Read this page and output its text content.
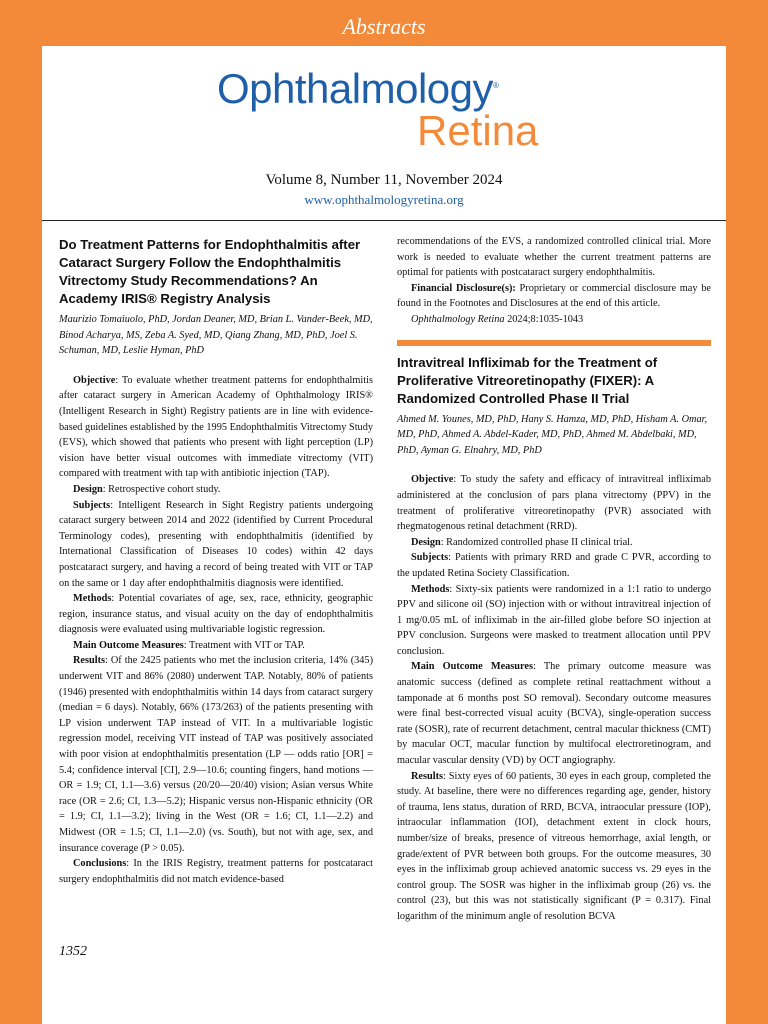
Abstracts
Ophthalmology®
Retina
Volume 8, Number 11, November 2024
www.ophthalmologyretina.org
Do Treatment Patterns for Endophthalmitis after Cataract Surgery Follow the Endophthalmitis Vitrectomy Study Recommendations? An Academy IRIS® Registry Analysis
Maurizio Tomaiuolo, PhD, Jordan Deaner, MD, Brian L. Vander-Beek, MD, Binod Acharya, MS, Zeba A. Syed, MD, Qiang Zhang, MD, PhD, Joel S. Schuman, MD, Leslie Hyman, PhD

Objective: To evaluate whether treatment patterns for endophthalmitis after cataract surgery in American Academy of Ophthalmology IRIS® (Intelligent Research in Sight) Registry patients are in line with evidence-based guidelines established by the 1995 Endophthalmitis Vitrectomy Study (EVS), which showed that patients who present with light perception (LP) vision have better visual outcomes with immediate vitrectomy (VIT) compared with treatment with tap with antibiotic injection (TAP).

Design: Retrospective cohort study.

Subjects: Intelligent Research in Sight Registry patients undergoing cataract surgery between 2014 and 2022 (identified by Current Procedural Terminology codes), presenting with endophthalmitis (identified by International Classification of Diseases 10 codes) within 42 days postcataract surgery, and having a record of being treated with VIT or TAP on the same or 1 day after endophthalmitis diagnosis were identified.

Methods: Potential covariates of age, sex, race, ethnicity, geographic region, insurance status, and visual acuity on the day of endophthalmitis diagnosis were evaluated using multivariable logistic regression.

Main Outcome Measures: Treatment with VIT or TAP.

Results: Of the 2425 patients who met the inclusion criteria, 14% (345) underwent VIT and 86% (2080) underwent TAP. Notably, 80% of patients (1946) presented with endophthalmitis within 14 days from cataract surgery (median = 6 days). Notably, 66% (173/263) of the patients presenting with LP vision underwent TAP instead of VIT. In a multivariable logistic regression model, receiving VIT instead of TAP was positively associated with poor vision at endophthalmitis presentation (LP — odds ratio [OR] = 5.4; confidence interval [CI], 2.9—10.6; counting fingers, hand motions — OR = 1.9; CI, 1.1—3.6) versus (20/20—20/40) vision; Asian versus White race (OR = 2.6; CI, 1.3—5.2); Hispanic versus non-Hispanic ethnicity (OR = 1.9; CI, 1.1—3.2); living in the West (OR = 1.6; CI, 1.1—2.2) and Midwest (OR = 1.5; CI, 1.1—2.0) (vs. South), but not with age, sex, and insurance coverage (P > 0.05).

Conclusions: In the IRIS Registry, treatment patterns for postcataract surgery endophthalmitis did not match evidence-based

recommendations of the EVS, a randomized controlled clinical trial. More work is needed to evaluate whether the current treatment patterns are optimal for patients with postcataract surgery endophthalmitis.

Financial Disclosure(s): Proprietary or commercial disclosure may be found in the Footnotes and Disclosures at the end of this article.

Ophthalmology Retina 2024;8:1035-1043

Intravitreal Infliximab for the Treatment of Proliferative Vitreoretinopathy (FIXER): A Randomized Controlled Phase II Trial
Ahmed M. Younes, MD, PhD, Hany S. Hamza, MD, PhD, Hisham A. Omar, MD, PhD, Ahmed A. Abdel-Kader, MD, PhD, Ahmed M. Abdelbaki, MD, PhD, Ayman G. Elnahry, MD, PhD

Objective: To study the safety and efficacy of intravitreal infliximab administered at the conclusion of pars plana vitrectomy (PPV) in the treatment of proliferative vitreoretinopathy (PVR) associated with rhegmatogenous retinal detachment (RRD).

Design: Randomized controlled phase II clinical trial.

Subjects: Patients with primary RRD and grade C PVR, according to the updated Retina Society Classification.

Methods: Sixty-six patients were randomized in a 1:1 ratio to undergo PPV and silicone oil (SO) injection with or without intravitreal injection of 1 mg/0.05 mL of infliximab in the air-filled globe before SO injection at PPV conclusion. Surgeons were masked to treatment allocation until PPV conclusion.

Main Outcome Measures: The primary outcome measure was anatomic success (defined as complete retinal reattachment without a tamponade at 6 months post SO removal). Secondary outcome measures were final best-corrected visual acuity (BCVA), single-operation success rate (SOSR), rate of recurrent detachment, central macular thickness (CMT) by macular OCT, macular function by multifocal electroretinogram, and macular vascular density (VD) by OCT angiography.

Results: Sixty eyes of 60 patients, 30 eyes in each group, completed the study. At baseline, there were no differences regarding age, gender, history of trauma, lens status, duration of RRD, BCVA, intraocular pressure (IOP), intraocular inflammation (IOI), detachment extent in clock hours, number/size of breaks, presence of vitreous hemorrhage, axial length, or grade/extent of PVR between both groups. For the outcome measures, 30 eyes in the infliximab group achieved anatomic success vs. 29 eyes in the control group. The SOSR was higher in the infliximab group (26) vs. the control (23), but this was not statistically significant (P = 0.317). Final logarithm of the minimum angle of resolution BCVA

1352
